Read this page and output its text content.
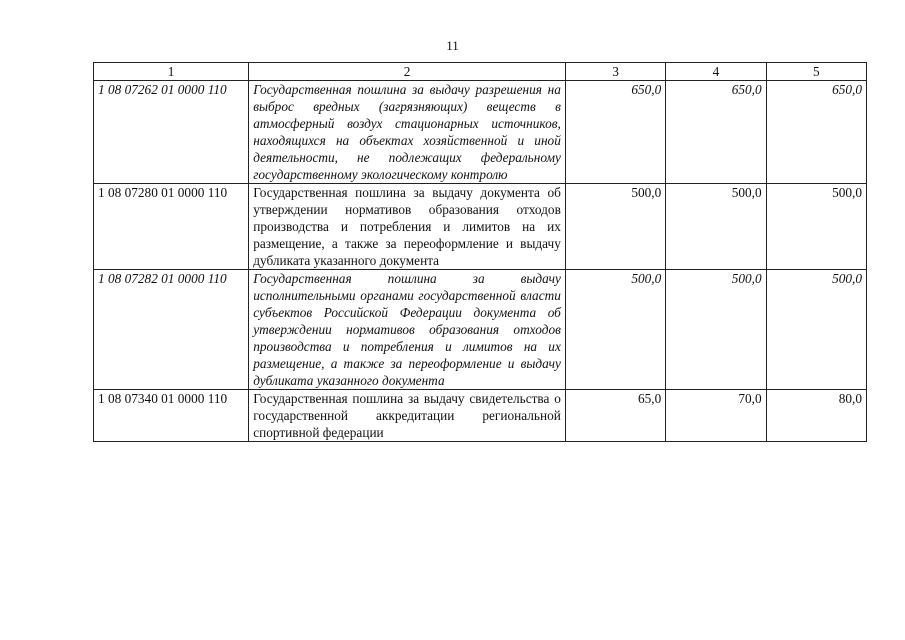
11
1	2	3	4	5
1 08 07262 01 0000 110	Государственная пошлина за выдачу разрешения на выброс вредных (загрязняющих) веществ в атмосферный воздух стационарных источников, находящихся на объектах хозяйственной и иной деятельности, не подлежащих федеральному государственному экологическому контролю	650,0	650,0	650,0
1 08 07280 01 0000 110	Государственная пошлина за выдачу документа об утверждении нормативов образования отходов производства и потребления и лимитов на их размещение, а также за переоформление и выдачу дубликата указанного документа	500,0	500,0	500,0
1 08 07282 01 0000 110	Государственная пошлина за выдачу исполнительными органами государственной власти субъектов Российской Федерации документа об утверждении нормативов образования отходов производства и потребления и лимитов на их размещение, а также за переоформление и выдачу дубликата указанного документа	500,0	500,0	500,0
1 08 07340 01 0000 110	Государственная пошлина за выдачу свидетельства о государственной аккредитации региональной спортивной федерации	65,0	70,0	80,0
